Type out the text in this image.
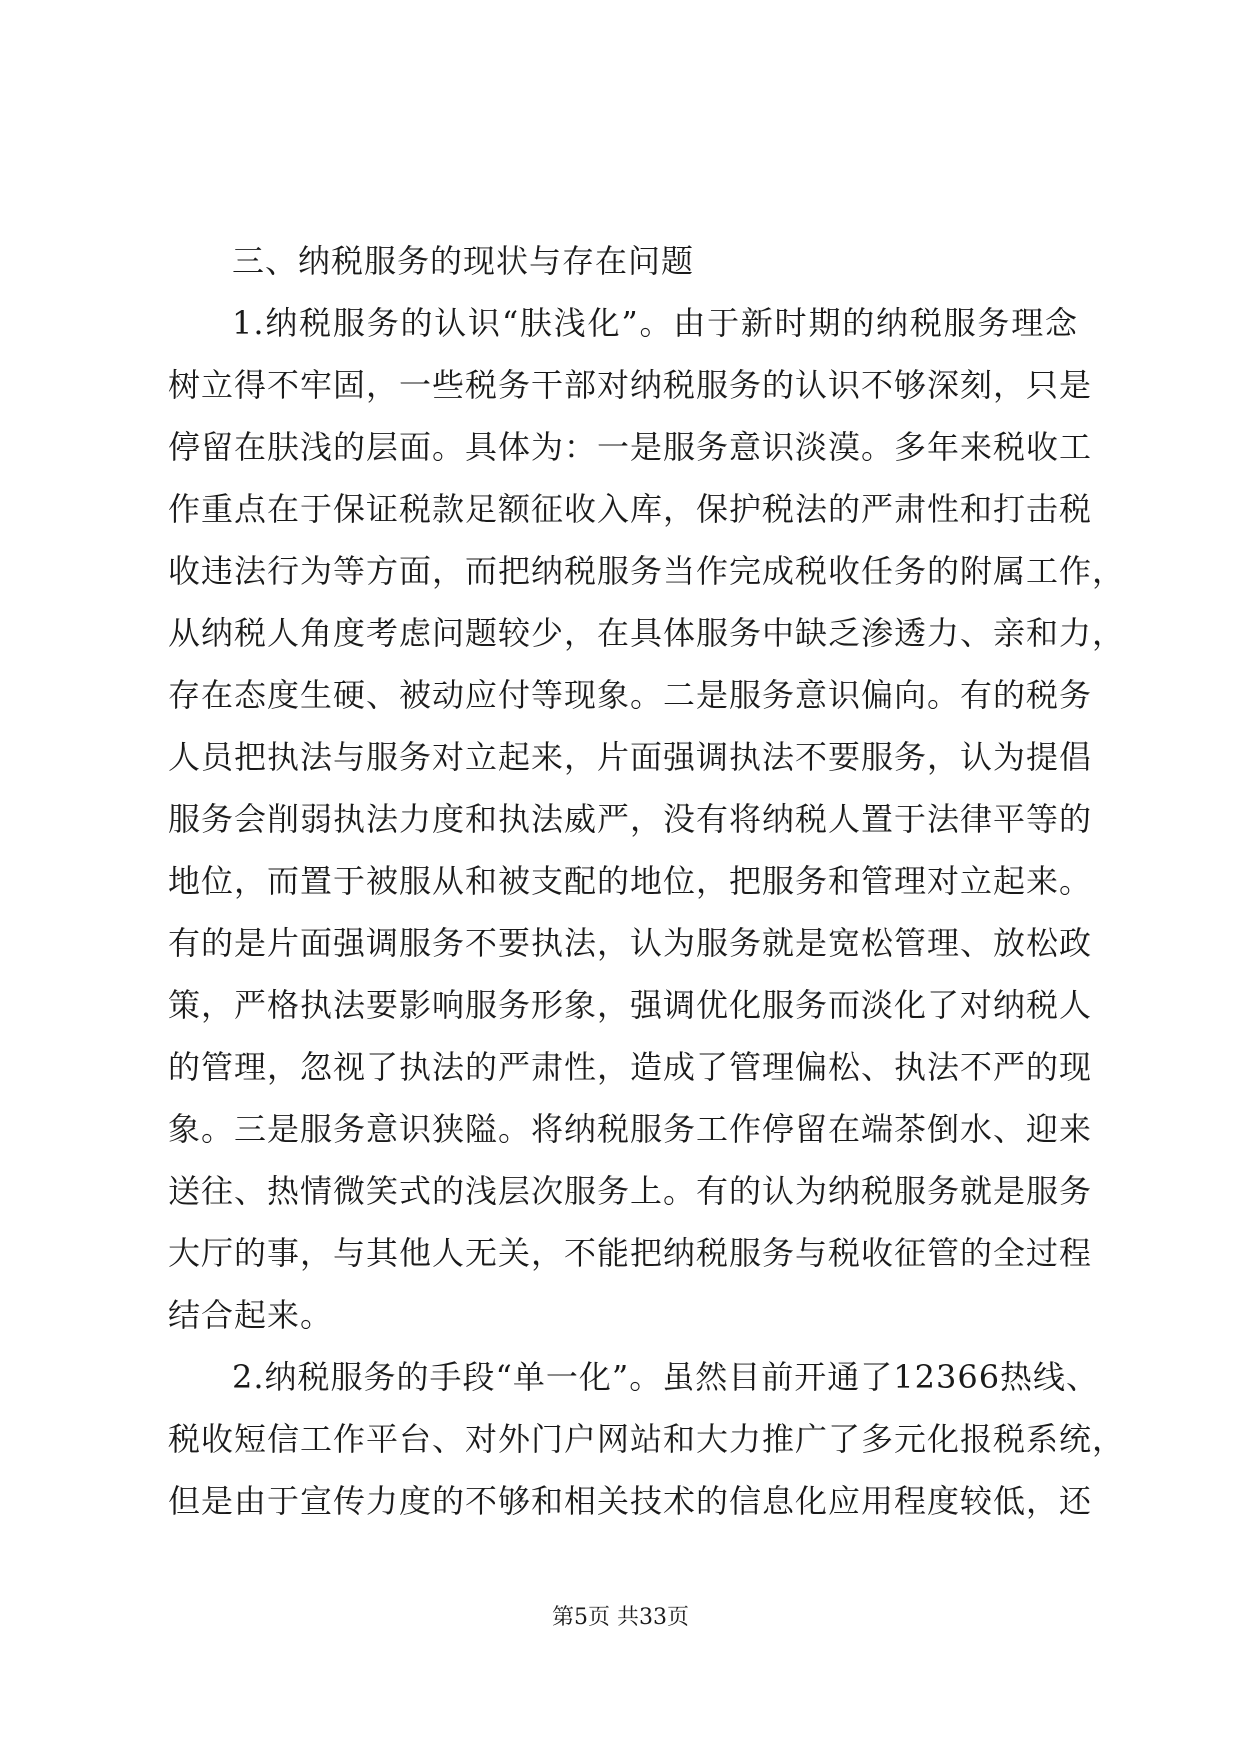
三、纳税服务的现状与存在问题
1.纳税服务的认识“肤浅化”。由于新时期的纳税服务理念
树立得不牢固，一些税务干部对纳税服务的认识不够深刻，只是
停留在肤浅的层面。具体为：一是服务意识淡漠。多年来税收工
作重点在于保证税款足额征收入库，保护税法的严肃性和打击税
收违法行为等方面，而把纳税服务当作完成税收任务的附属工作，
从纳税人角度考虑问题较少，在具体服务中缺乏渗透力、亲和力，
存在态度生硬、被动应付等现象。二是服务意识偏向。有的税务
人员把执法与服务对立起来，片面强调执法不要服务，认为提倡
服务会削弱执法力度和执法威严，没有将纳税人置于法律平等的
地位，而置于被服从和被支配的地位，把服务和管理对立起来。
有的是片面强调服务不要执法，认为服务就是宽松管理、放松政
策，严格执法要影响服务形象，强调优化服务而淡化了对纳税人
的管理，忽视了执法的严肃性，造成了管理偏松、执法不严的现
象。三是服务意识狭隘。将纳税服务工作停留在端茶倒水、迎来
送往、热情微笑式的浅层次服务上。有的认为纳税服务就是服务
大厅的事，与其他人无关，不能把纳税服务与税收征管的全过程
结合起来。
2.纳税服务的手段“单一化”。虽然目前开通了12366热线、
税收短信工作平台、对外门户网站和大力推广了多元化报税系统，
但是由于宣传力度的不够和相关技术的信息化应用程度较低，还
第5页 共33页
